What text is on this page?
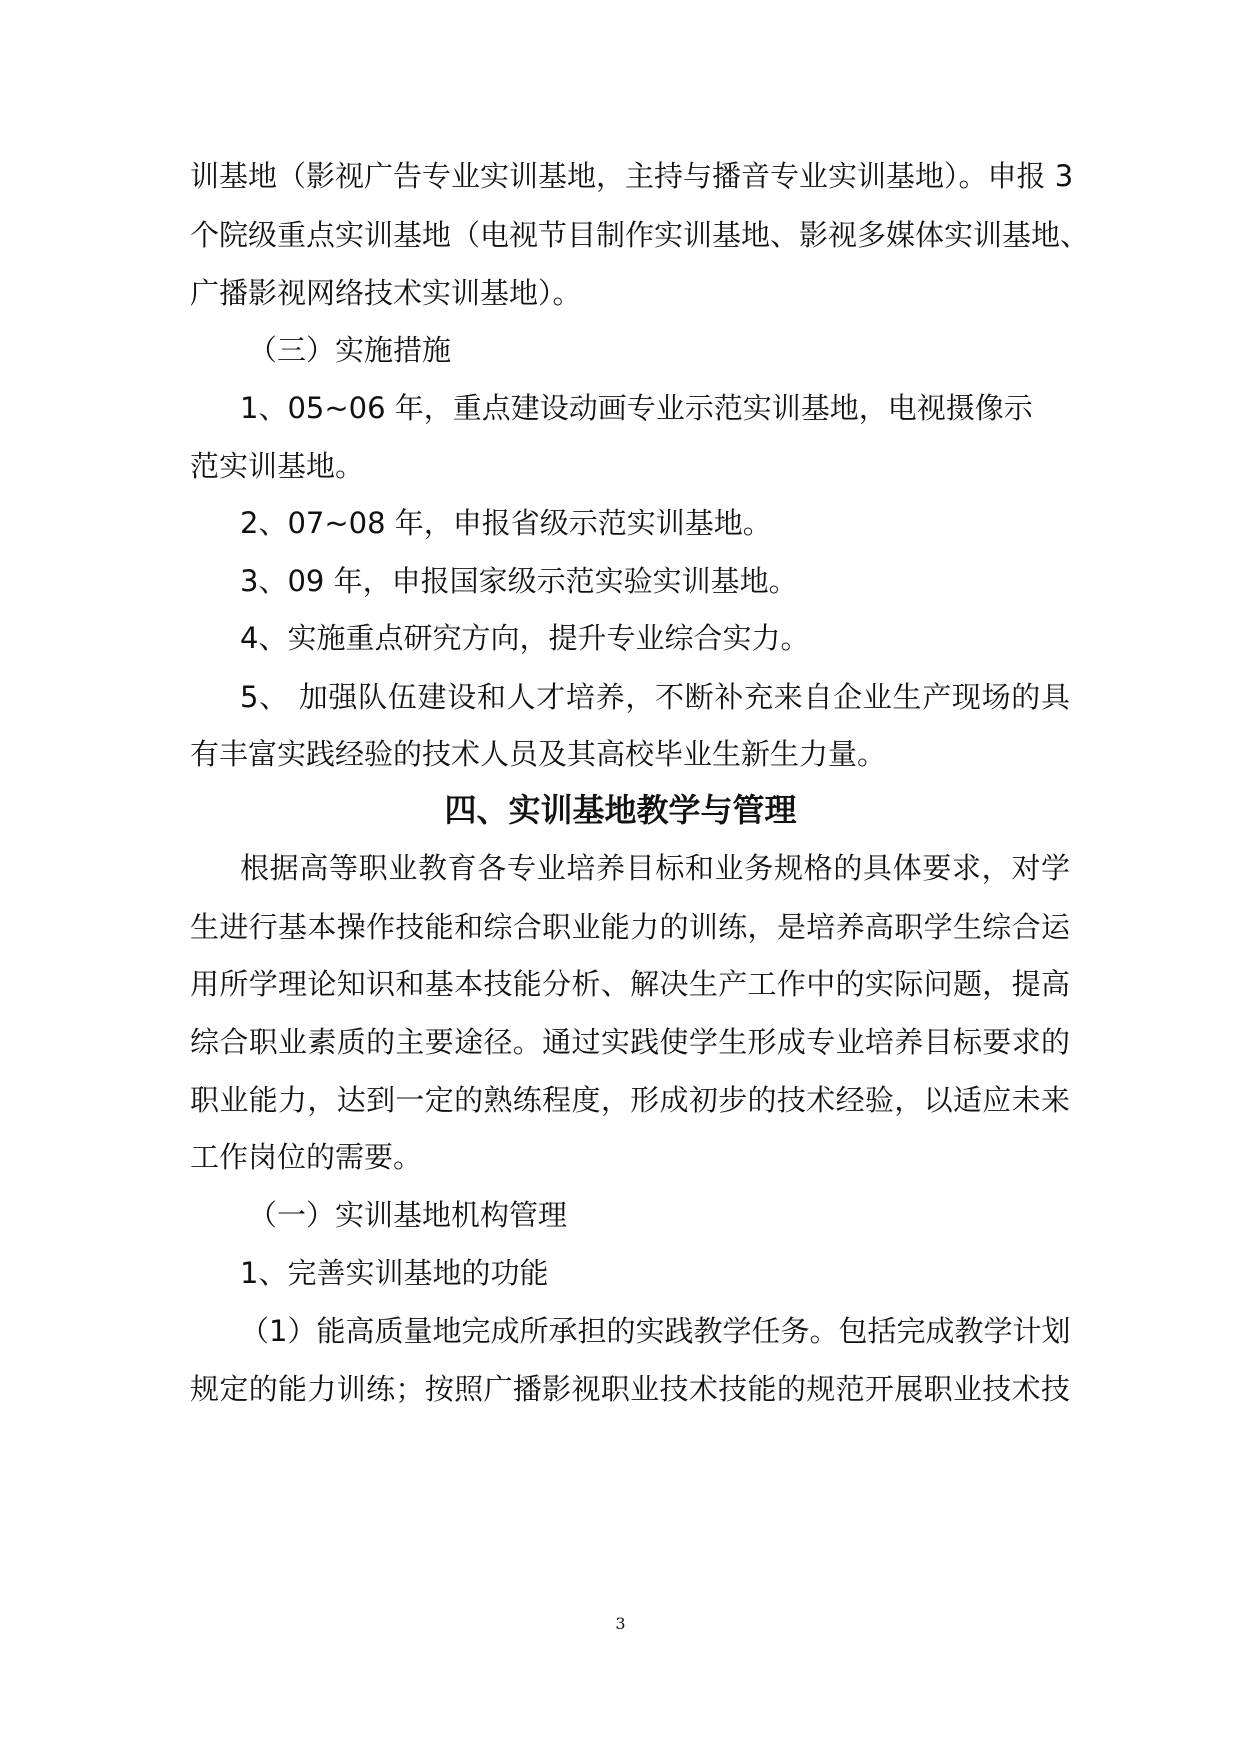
训基地（影视广告专业实训基地，主持与播音专业实训基地）。申报 3
个院级重点实训基地（电视节目制作实训基地、影视多媒体实训基地、
广播影视网络技术实训基地）。
（三）实施措施
1、05~06 年，重点建设动画专业示范实训基地，电视摄像示
范实训基地。
2、07~08 年，申报省级示范实训基地。
3、09 年，申报国家级示范实验实训基地。
4、实施重点研究方向，提升专业综合实力。
5、 加强队伍建设和人才培养，不断补充来自企业生产现场的具
有丰富实践经验的技术人员及其高校毕业生新生力量。
四、实训基地教学与管理
根据高等职业教育各专业培养目标和业务规格的具体要求，对学
生进行基本操作技能和综合职业能力的训练，是培养高职学生综合运
用所学理论知识和基本技能分析、解决生产工作中的实际问题，提高
综合职业素质的主要途径。通过实践使学生形成专业培养目标要求的
职业能力，达到一定的熟练程度，形成初步的技术经验，以适应未来
工作岗位的需要。
（一）实训基地机构管理
1、完善实训基地的功能
（1）能高质量地完成所承担的实践教学任务。包括完成教学计划
规定的能力训练；按照广播影视职业技术技能的规范开展职业技术技
3
